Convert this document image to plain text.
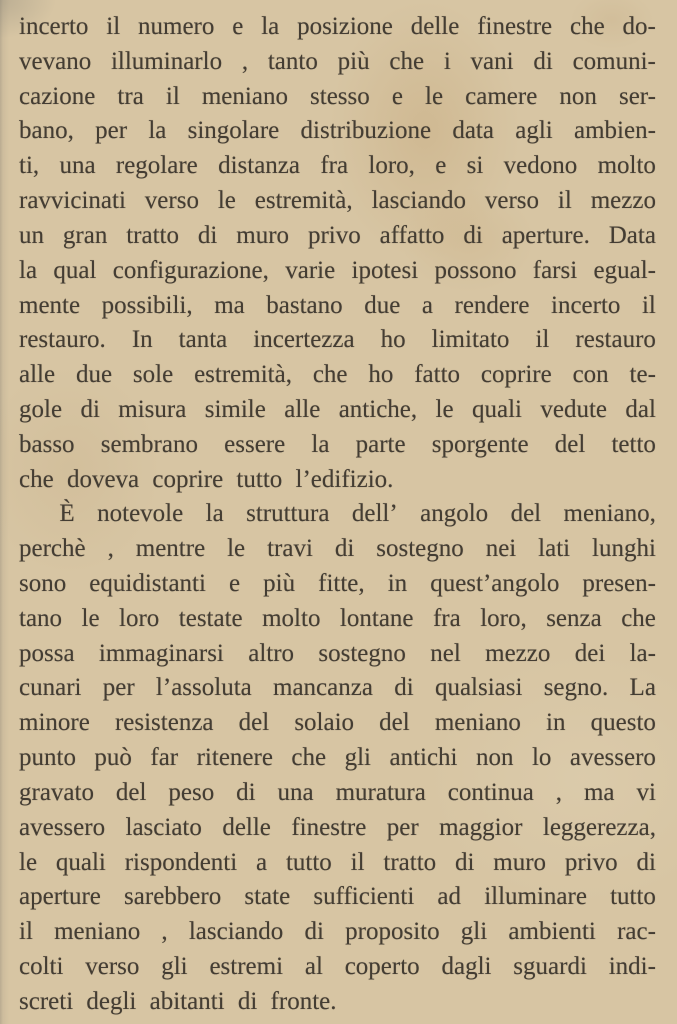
incerto il numero e la posizione delle finestre che do-
vevano illuminarlo , tanto più che i vani di comuni-
cazione tra il meniano stesso e le camere non ser-
bano, per la singolare distribuzione data agli ambien-
ti, una regolare distanza fra loro, e si vedono molto
ravvicinati verso le estremità, lasciando verso il mezzo
un gran tratto di muro privo affatto di aperture. Data
la qual configurazione, varie ipotesi possono farsi egual-
mente possibili, ma bastano due a rendere incerto il
restauro. In tanta incertezza ho limitato il restauro
alle due sole estremità, che ho fatto coprire con te-
gole di misura simile alle antiche, le quali vedute dal
basso sembrano essere la parte sporgente del tetto
che doveva coprire tutto l’edifizio.
È notevole la struttura dell’ angolo del meniano,
perchè , mentre le travi di sostegno nei lati lunghi
sono equidistanti e più fitte, in quest’angolo presen-
tano le loro testate molto lontane fra loro, senza che
possa immaginarsi altro sostegno nel mezzo dei la-
cunari per l’assoluta mancanza di qualsiasi segno. La
minore resistenza del solaio del meniano in questo
punto può far ritenere che gli antichi non lo avessero
gravato del peso di una muratura continua , ma vi
avessero lasciato delle finestre per maggior leggerezza,
le quali rispondenti a tutto il tratto di muro privo di
aperture sarebbero state sufficienti ad illuminare tutto
il meniano , lasciando di proposito gli ambienti rac-
colti verso gli estremi al coperto dagli sguardi indi-
screti degli abitanti di fronte.
